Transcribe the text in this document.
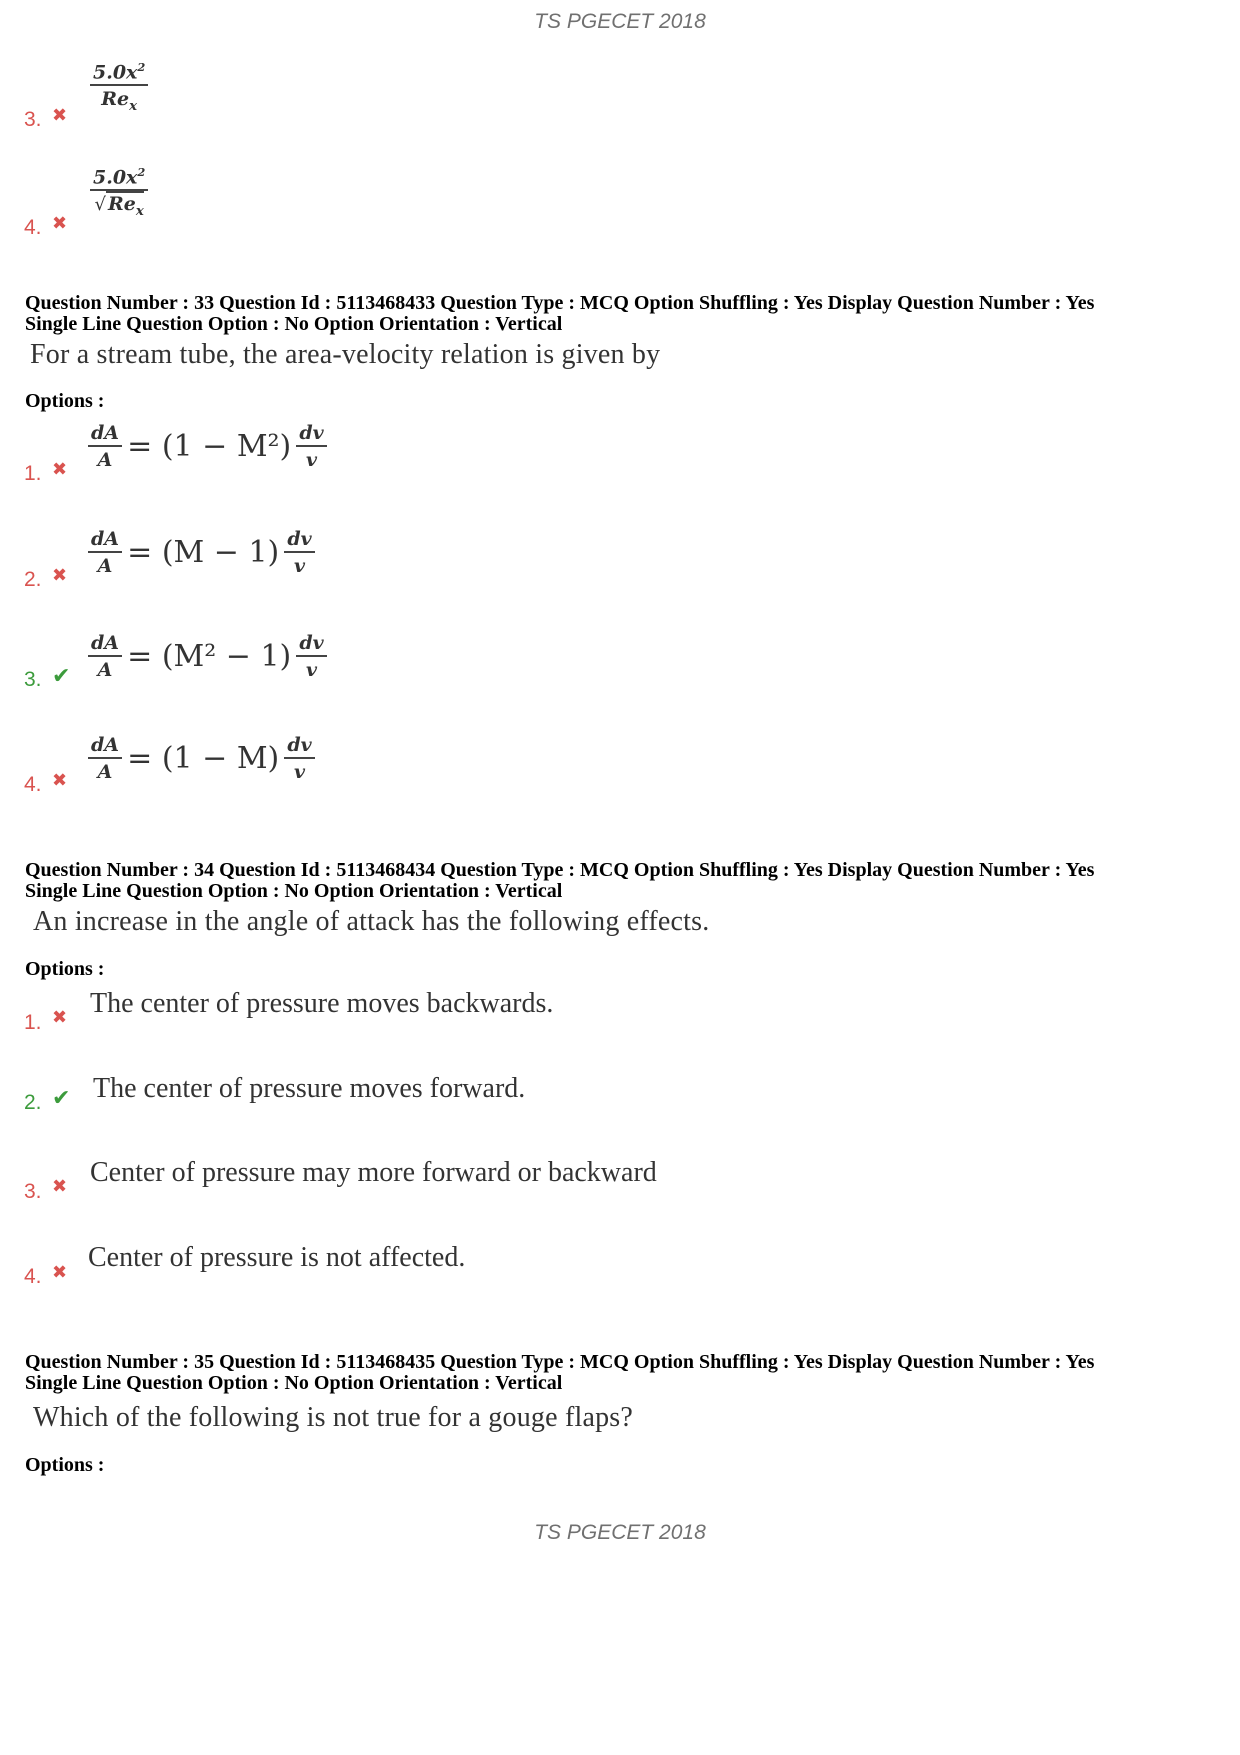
TS PGECET 2018
3. ✖
$\frac{5.0x^2}{Re_x}$
4. ✖
$\frac{5.0x^2}{√ Re_x}$
Question Number : 33 Question Id : 5113468433 Question Type : MCQ Option Shuffling : Yes Display Question Number : Yes
Single Line Question Option : No Option Orientation : Vertical
For a stream tube, the area-velocity relation is given by
Options :
1. ✖ $\frac{dA}{A} = (1 - M^2) \frac{dv}{v}$
2. ✖ $\frac{dA}{A} = (M - 1) \frac{dv}{v}$
3. ✔ $\frac{dA}{A} = (M^2 - 1) \frac{dv}{v}$
4. ✖ $\frac{dA}{A} = (1 - M) \frac{dv}{v}$
Question Number : 34 Question Id : 5113468434 Question Type : MCQ Option Shuffling : Yes Display Question Number : Yes
Single Line Question Option : No Option Orientation : Vertical
An increase in the angle of attack has the following effects.
Options :
1. ✖ The center of pressure moves backwards.
2. ✔ The center of pressure moves forward.
3. ✖ Center of pressure may more forward or backward
4. ✖ Center of pressure is not affected.
Question Number : 35 Question Id : 5113468435 Question Type : MCQ Option Shuffling : Yes Display Question Number : Yes
Single Line Question Option : No Option Orientation : Vertical
Which of the following is not true for a gouge flaps?
Options :
TS PGECET 2018
